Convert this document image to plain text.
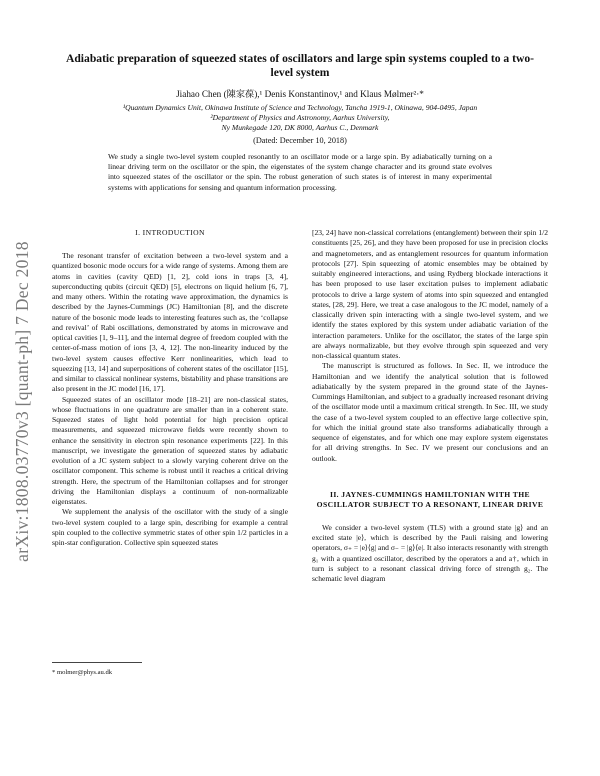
arXiv:1808.03770v3 [quant-ph] 7 Dec 2018
Adiabatic preparation of squeezed states of oscillators and large spin systems coupled to a two-level system
Jiahao Chen (陳家葆),¹ Denis Konstantinov,¹ and Klaus Mølmer²·*
¹Quantum Dynamics Unit, Okinawa Institute of Science and Technology, Tancha 1919-1, Okinawa, 904-0495, Japan
²Department of Physics and Astronomy, Aarhus University,
Ny Munkegade 120, DK 8000, Aarhus C., Denmark
(Dated: December 10, 2018)

We study a single two-level system coupled resonantly to an oscillator mode or a large spin. By adiabatically turning on a linear driving term on the oscillator or the spin, the eigenstates of the system change character and its ground state evolves into squeezed states of the oscillator or the spin. The robust generation of such states is of interest in many experimental systems with applications for sensing and quantum information processing.

I. INTRODUCTION

The resonant transfer of excitation between a two-level system and a quantized bosonic mode occurs for a wide range of systems. Among them are atoms in cavities (cavity QED) [1, 2], cold ions in traps [3, 4], superconducting qubits (circuit QED) [5], electrons on liquid helium [6, 7], and many others. Within the rotating wave approximation, the dynamics is described by the Jaynes-Cummings (JC) Hamiltonian [8], and the discrete nature of the bosonic mode leads to interesting features such as, the ‘collapse and revival’ of Rabi oscillations, demonstrated by atoms in microwave and optical cavities [1, 9–11], and the internal degree of freedom coupled with the center-of-mass motion of ions [3, 4, 12]. The non-linearity induced by the two-level system causes effective Kerr nonlinearities, which lead to squeezing [13, 14] and superpositions of coherent states of the oscillator [15], and similar to classical nonlinear systems, bistability and phase transitions are also present in the JC model [16, 17].

Squeezed states of an oscillator mode [18–21] are non-classical states, whose fluctuations in one quadrature are smaller than in a coherent state. Squeezed states of light hold potential for high precision optical measurements, and squeezed microwave fields were recently shown to enhance the sensitivity in electron spin resonance experiments [22]. In this manuscript, we investigate the generation of squeezed states by adiabatic evolution of a JC system subject to a slowly varying coherent drive on the oscillator component. This scheme is robust until it reaches a critical driving strength. Here, the spectrum of the Hamiltonian collapses and for stronger driving the Hamiltonian displays a continuum of non-normalizable eigenstates.

We supplement the analysis of the oscillator with the study of a single two-level system coupled to a large spin, describing for example a central spin coupled to the collective symmetric states of other spin 1/2 particles in a spin-star configuration. Collective spin squeezed states

[23, 24] have non-classical correlations (entanglement) between their spin 1/2 constituents [25, 26], and they have been proposed for use in precision clocks and magnetometers, and as entanglement resources for quantum information protocols [27]. Spin squeezing of atomic ensembles may be obtained by suitably engineered interactions, and using Rydberg blockade interactions it has been proposed to use laser excitation pulses to implement adiabatic protocols to drive a large system of atoms into spin squeezed and entangled states, [28, 29]. Here, we treat a case analogous to the JC model, namely of a classically driven spin interacting with a single two-level system, and we identify the states explored by this system under adiabatic variation of the interaction parameters. Unlike for the oscillator, the states of the large spin are always normalizable, but they evolve through spin squeezed and very non-classical quantum states.

The manuscript is structured as follows. In Sec. II, we introduce the Hamiltonian and we identify the analytical solution that is followed adiabatically by the system prepared in the ground state of the Jaynes-Cummings Hamiltonian, and subject to a gradually increased resonant driving of the oscillator mode until a maximum critical strength. In Sec. III, we study the case of a two-level system coupled to an effective large collective spin, for which the initial ground state also transforms adiabatically through a sequence of eigenstates, and for which one may explore system eigenstates for all driving strengths. In Sec. IV we present our conclusions and an outlook.

II. JAYNES-CUMMINGS HAMILTONIAN WITH THE OSCILLATOR SUBJECT TO A RESONANT, LINEAR DRIVE

We consider a two-level system (TLS) with a ground state |g⟩ and an excited state |e⟩, which is described by the Pauli raising and lowering operators, σ₊ = |e⟩⟨g| and σ₋ = |g⟩⟨e|. It also interacts resonantly with strength g₁ with a quantized oscillator, described by the operators a and a†, which in turn is subject to a resonant classical driving force of strength g₂. The schematic level diagram

* molmer@phys.au.dk
